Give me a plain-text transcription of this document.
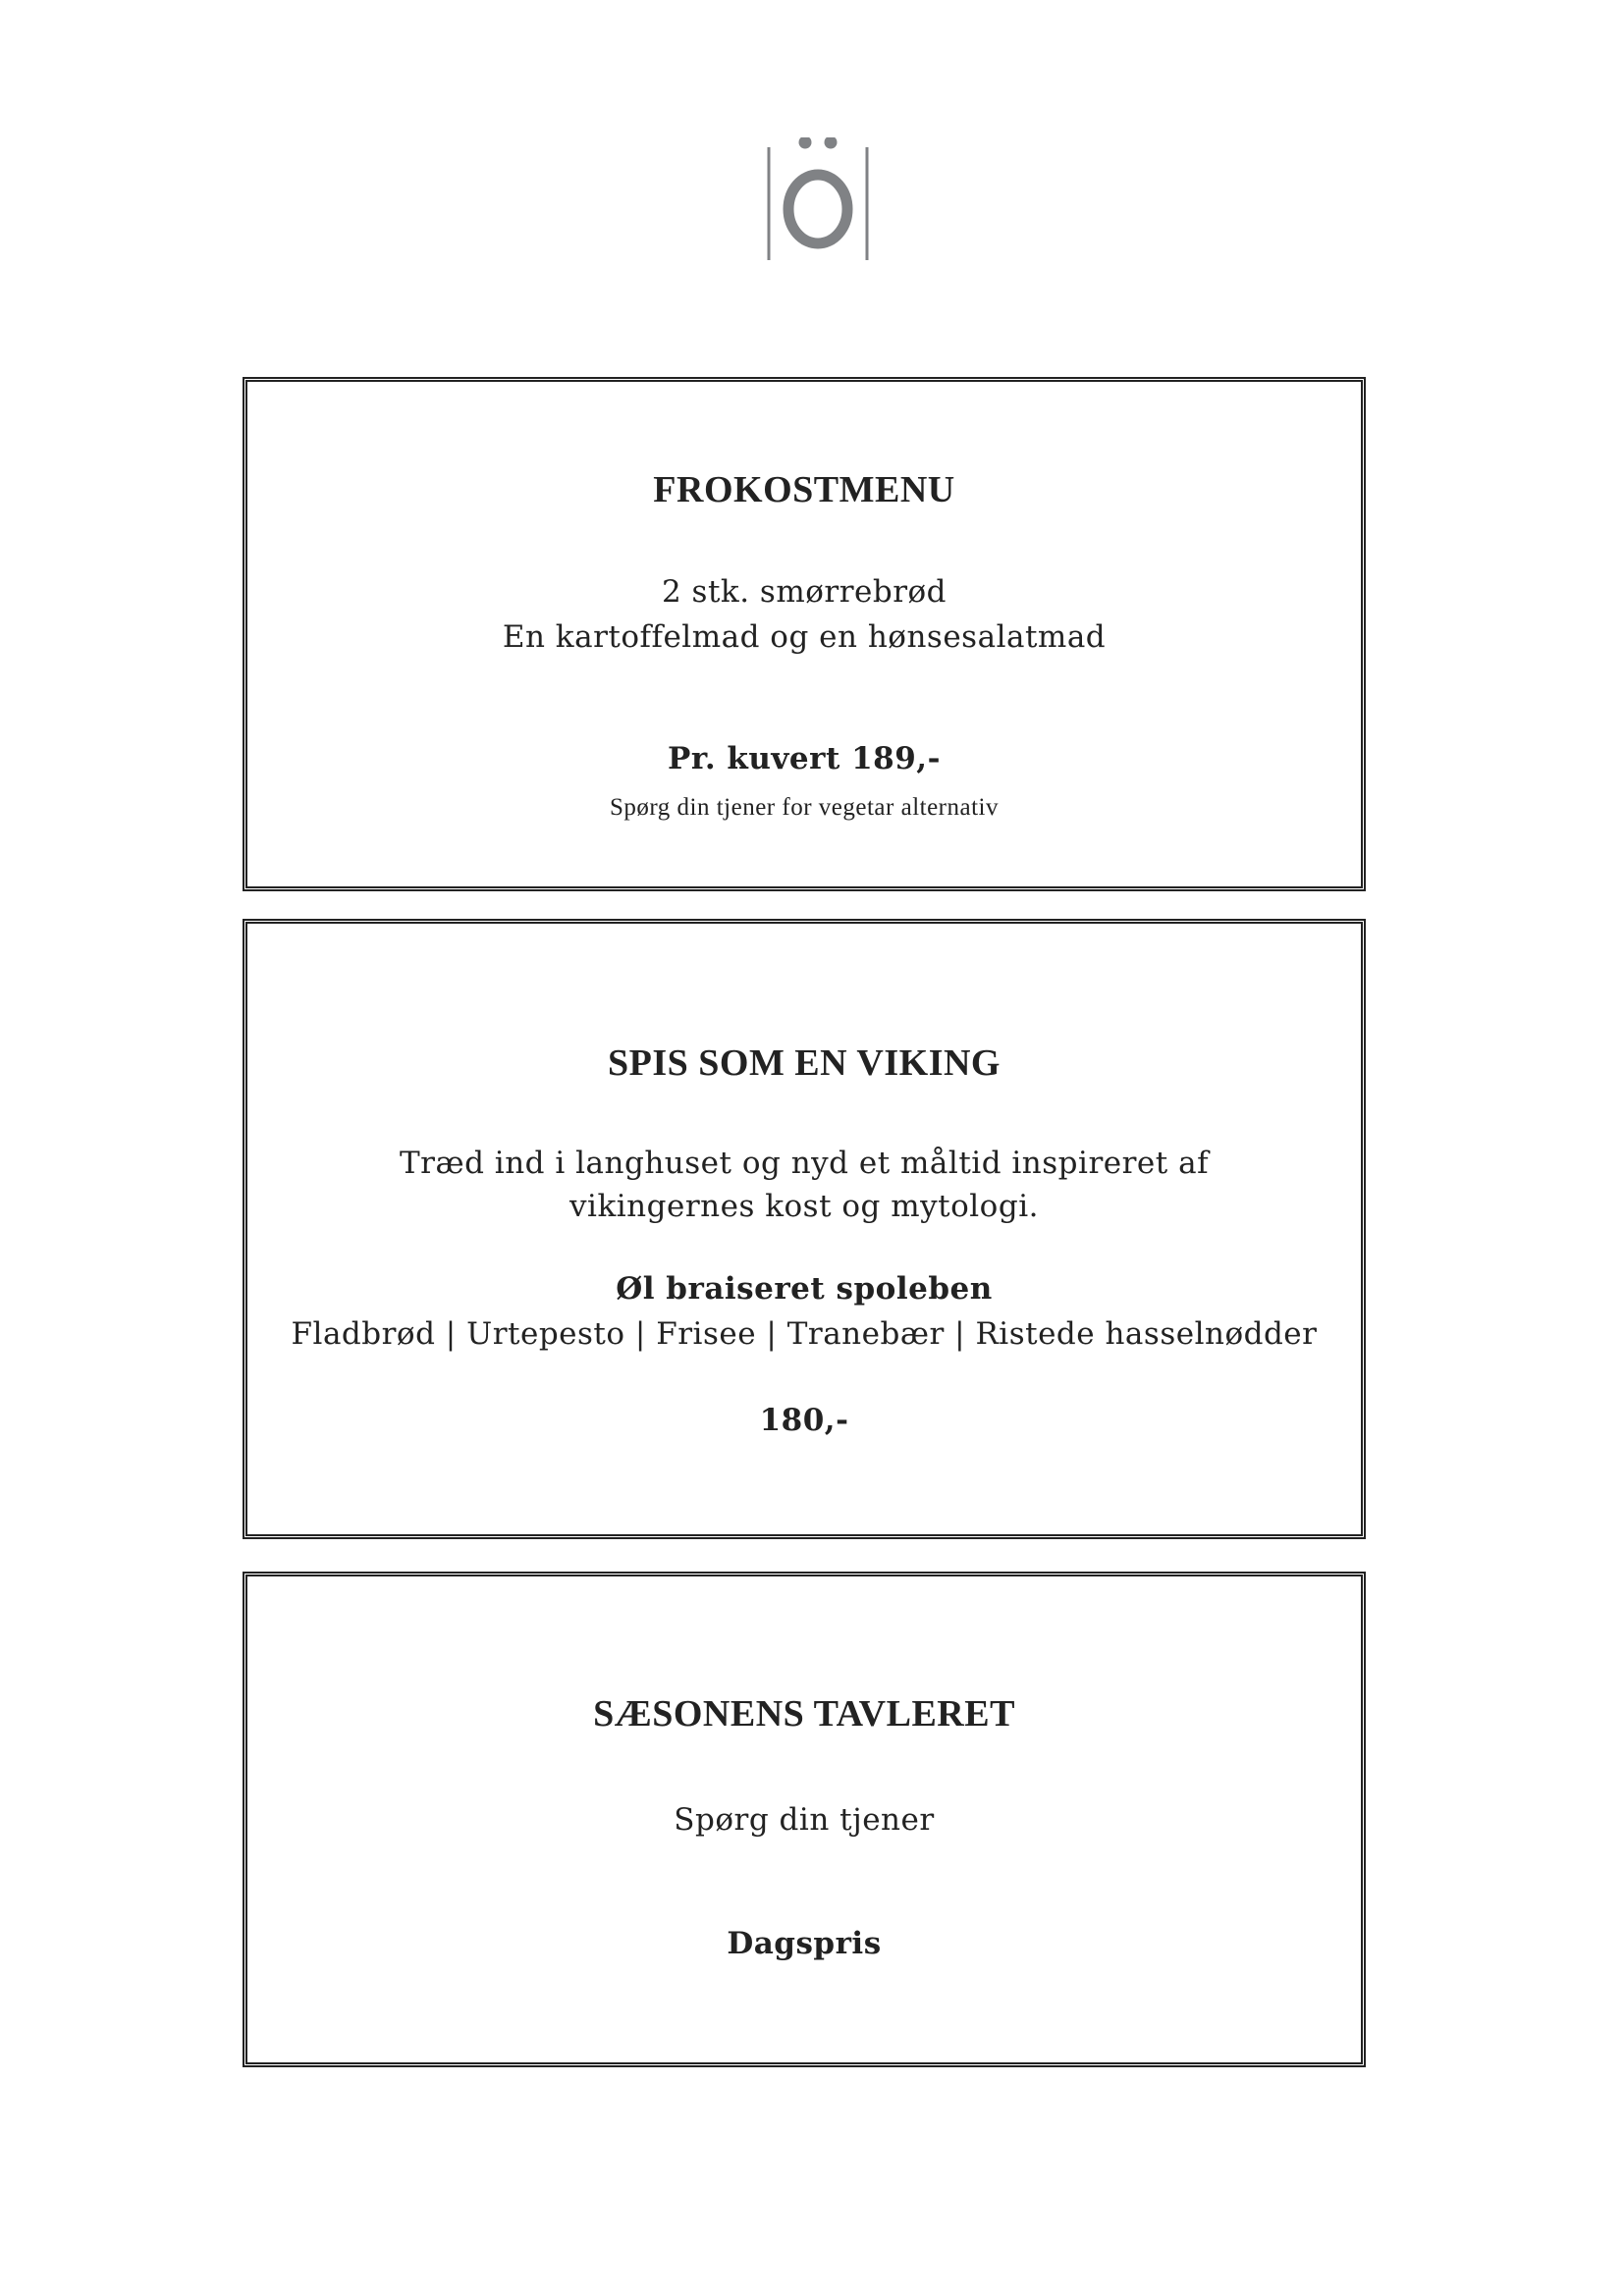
FROKOSTMENU
2 stk. smørrebrød
En kartoffelmad og en hønsesalatmad
Pr. kuvert 189,-
Spørg din tjener for vegetar alternativ
SPIS SOM EN VIKING
Træd ind i langhuset og nyd et måltid inspireret af
vikingernes kost og mytologi.
Øl braiseret spoleben
Fladbrød | Urtepesto | Frisee | Tranebær | Ristede hasselnødder
180,-
SÆSONENS TAVLERET
Spørg din tjener
Dagspris
